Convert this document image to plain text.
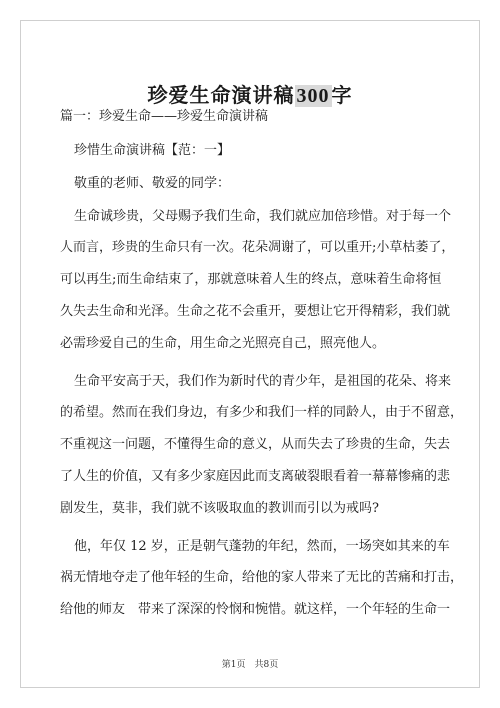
珍爱生命演讲稿 300 字
篇一：珍爱生命——珍爱生命演讲稿
珍惜生命演讲稿【范：一】
敬重的老师、敬爱的同学：
生命诚珍贵，父母赐予我们生命，我们就应加倍珍惜。对于每一个
人而言，珍贵的生命只有一次。花朵凋谢了，可以重开;小草枯萎了，
可以再生;而生命结束了，那就意味着人生的终点，意味着生命将恒
久失去生命和光泽。生命之花不会重开，要想让它开得精彩，我们就
必需珍爱自己的生命，用生命之光照亮自己，照亮他人。
生命平安高于天，我们作为新时代的青少年，是祖国的花朵、将来
的希望。然而在我们身边，有多少和我们一样的同龄人，由于不留意，
不重视这一问题，不懂得生命的意义，从而失去了珍贵的生命，失去
了人生的价值，又有多少家庭因此而支离破裂眼看着一幕幕惨痛的悲
剧发生，莫非，我们就不该吸取血的教训而引以为戒吗?
他，年仅 12 岁，正是朝气蓬勃的年纪，然而，一场突如其来的车
祸无情地夺走了他年轻的生命，给他的家人带来了无比的苦痛和打击，
给他的师友　带来了深深的怜悯和惋惜。就这样，一个年轻的生命一
第1页　共8页
